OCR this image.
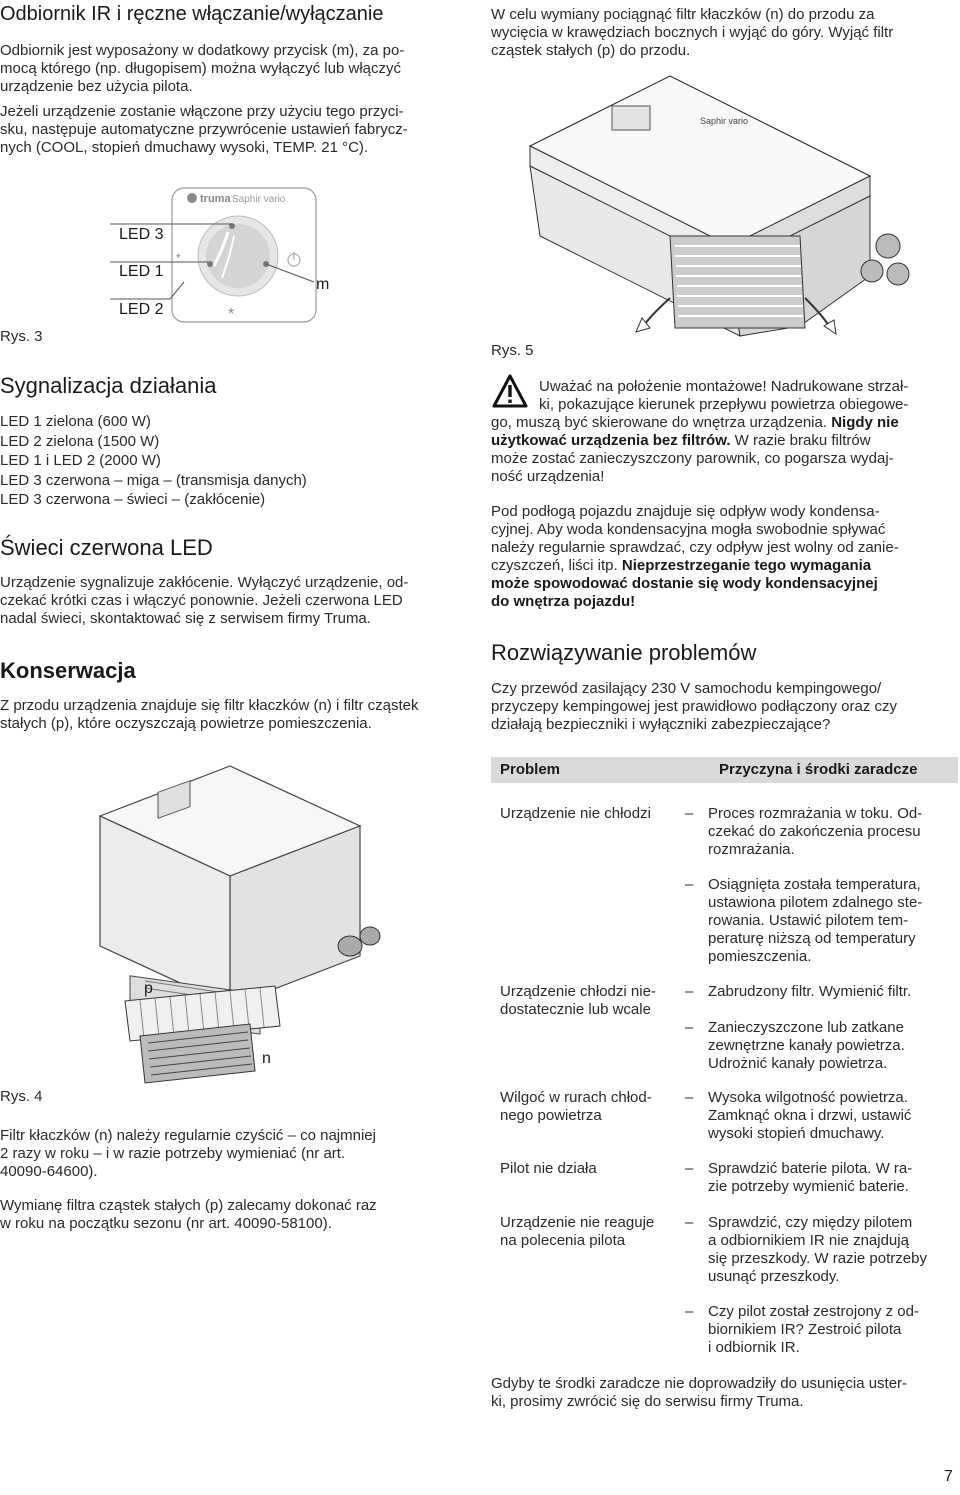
Odbiornik IR i ręczne włączanie/wyłączanie
Odbiornik jest wyposażony w dodatkowy przycisk (m), za po-
mocą którego (np. długopisem) można wyłączyć lub włączyć
urządzenie bez użycia pilota.
Jeżeli urządzenie zostanie włączone przy użyciu tego przyci-
sku, następuje automatyczne przywrócenie ustawień fabrycz-
nych (COOL, stopień dmuchawy wysoki, TEMP. 21 °C).
truma Saphir vario
*
*
LED 3
LED 1
LED 2
m
Rys. 3
Sygnalizacja działania
LED 1 zielona (600 W)
LED 2 zielona (1500 W)
LED 1 i LED 2 (2000 W)
LED 3 czerwona – miga – (transmisja danych)
LED 3 czerwona – świeci – (zakłócenie)
Świeci czerwona LED
Urządzenie sygnalizuje zakłócenie. Wyłączyć urządzenie, od-
czekać krótki czas i włączyć ponownie. Jeżeli czerwona LED
nadal świeci, skontaktować się z serwisem firmy Truma.
Konserwacja
Z przodu urządzenia znajduje się filtr kłaczków (n) i filtr cząstek
stałych (p), które oczyszczają powietrze pomieszczenia.
p
n
Rys. 4
Filtr kłaczków (n) należy regularnie czyścić – co najmniej
2 razy w roku – i w razie potrzeby wymieniać (nr art.
40090-64600).
Wymianę filtra cząstek stałych (p) zalecamy dokonać raz
w roku na początku sezonu (nr art. 40090-58100).
W celu wymiany pociągnąć filtr kłaczków (n) do przodu za
wycięcia w krawędziach bocznych i wyjąć do góry. Wyjąć filtr
cząstek stałych (p) do przodu.
Saphir vario
Rys. 5
Uważać na położenie montażowe! Nadrukowane strzał-
ki, pokazujące kierunek przepływu powietrza obiegowe-
go, muszą być skierowane do wnętrza urządzenia. Nigdy nie
użytkować urządzenia bez filtrów. W razie braku filtrów
może zostać zanieczyszczony parownik, co pogarsza wydaj-
ność urządzenia!
Pod podłogą pojazdu znajduje się odpływ wody kondensa-
cyjnej. Aby woda kondensacyjna mogła swobodnie spływać
należy regularnie sprawdzać, czy odpływ jest wolny od zanie-
czyszczeń, liści itp. Nieprzestrzeganie tego wymagania
może spowodować dostanie się wody kondensacyjnej
do wnętrza pojazdu!
Rozwiązywanie problemów
Czy przewód zasilający 230 V samochodu kempingowego/
przyczepy kempingowej jest prawidłowo podłączony oraz czy
działają bezpieczniki i wyłączniki zabezpieczające?
Problem	Przyczyna i środki zaradcze
Urządzenie nie chłodzi – Proces rozmrażania w toku. Od-
czekać do zakończenia procesu
rozmrażania.
– Osiągnięta została temperatura,
ustawiona pilotem zdalnego ste-
rowania. Ustawić pilotem tem-
peraturę niższą od temperatury
pomieszczenia.
Urządzenie chłodzi nie-
dostatecznie lub wcale
– Zabrudzony filtr. Wymienić filtr.
– Zanieczyszczone lub zatkane
zewnętrzne kanały powietrza.
Udrożnić kanały powietrza.
Wilgoć w rurach chłod-
nego powietrza
– Wysoka wilgotność powietrza.
Zamknąć okna i drzwi, ustawić
wysoki stopień dmuchawy.
Pilot nie działa	– Sprawdzić baterie pilota. W ra-
zie potrzeby wymienić baterie.
Urządzenie nie reaguje
na polecenia pilota
– Sprawdzić, czy między pilotem
a odbiornikiem IR nie znajdują
się przeszkody. W razie potrzeby
usunąć przeszkody.
– Czy pilot został zestrojony z od-
biornikiem IR? Zestroić pilota
i odbiornik IR.
Gdyby te środki zaradcze nie doprowadziły do usunięcia uster-
ki, prosimy zwrócić się do serwisu firmy Truma.
7
